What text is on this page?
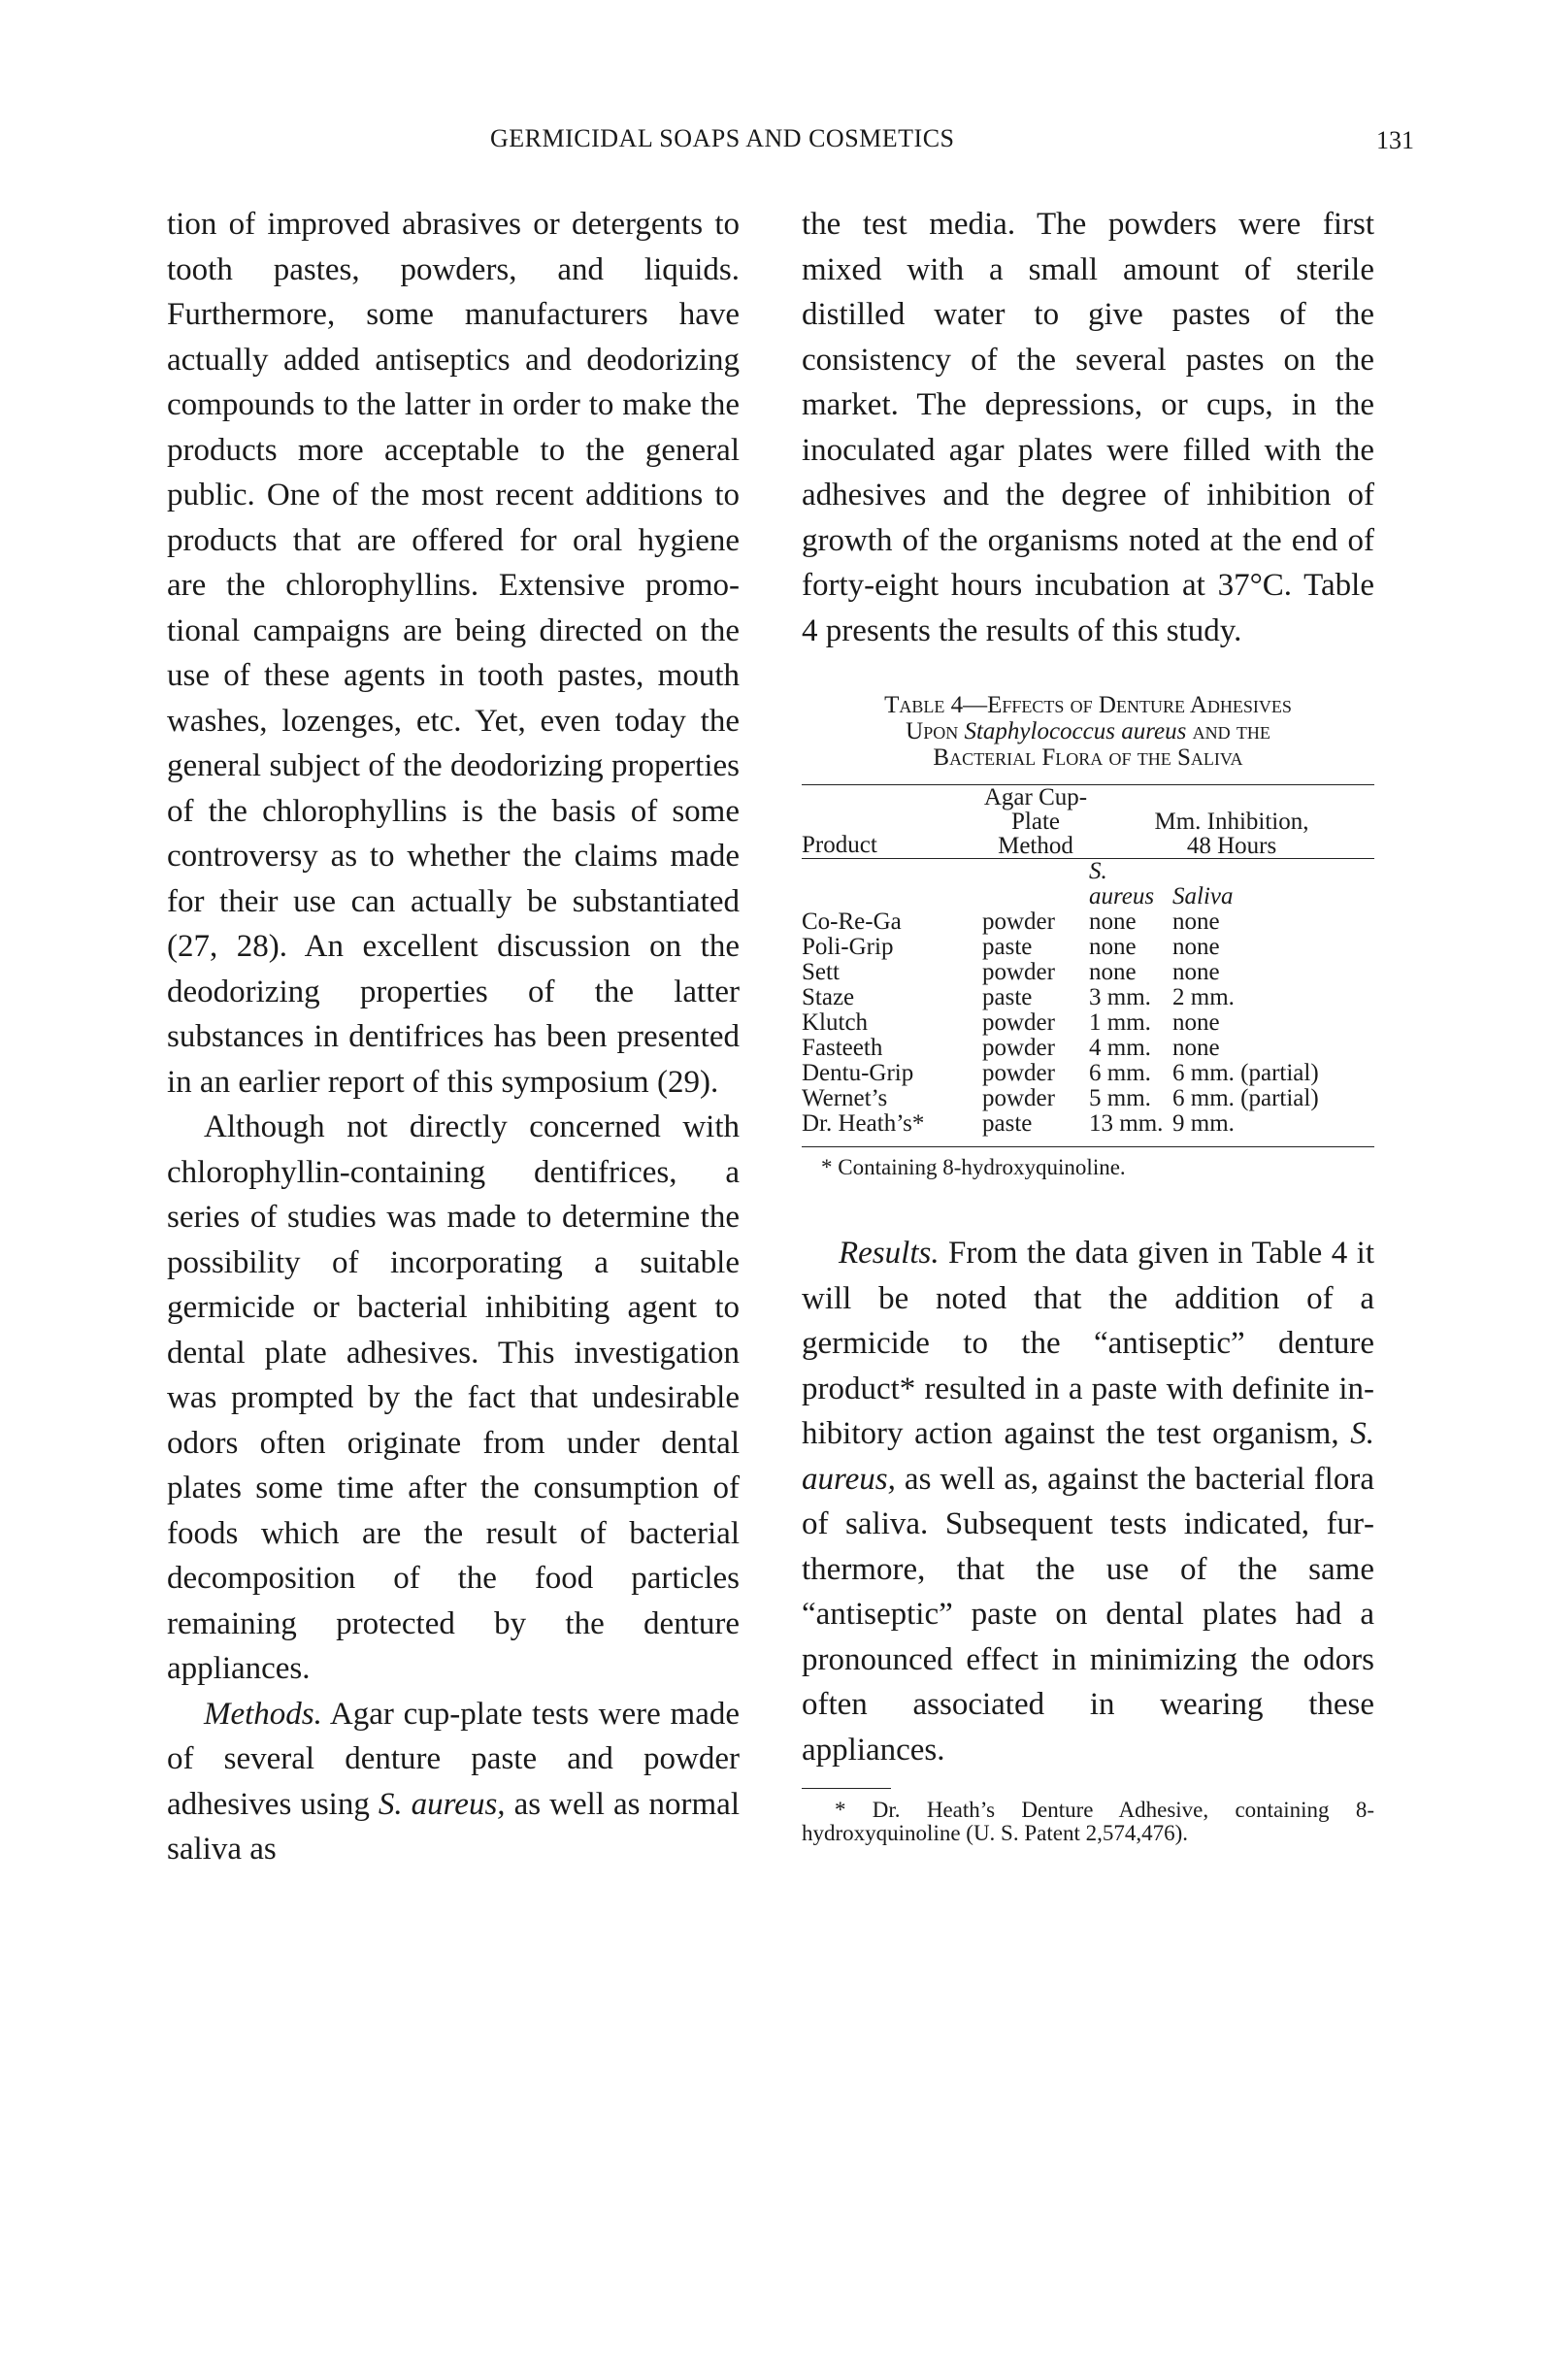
GERMICIDAL SOAPS AND COSMETICS	131

tion of improved abrasives or detergents to tooth pastes, powders, and liquids. Furthermore, some manufacturers have actually added antiseptics and deodorizing compounds to the latter in order to make the products more acceptable to the general public. One of the most recent additions to products that are offered for oral hygiene are the chlorophyllins. Extensive promotional campaigns are being directed on the use of these agents in tooth pastes, mouth washes, lozenges, etc. Yet, even today the general subject of the deodorizing properties of the chlorophyllins is the basis of some controversy as to whether the claims made for their use can actually be substantiated (27, 28). An excellent discussion on the deodorizing properties of the latter substances in dentifrices has been presented in an earlier report of this symposium (29).

Although not directly concerned with chlorophyllin-containing dentifrices, a series of studies was made to determine the possibility of incorporating a suitable germicide or bacterial inhibiting agent to dental plate adhesives. This investigation was prompted by the fact that undesirable odors often originate from under dental plates some time after the consumption of foods which are the result of bacterial decomposition of the food particles remaining protected by the denture appliances.

Methods. Agar cup-plate tests were made of several denture paste and powder adhesives using S. aureus, as well as normal saliva as

the test media. The powders were first mixed with a small amount of sterile distilled water to give pastes of the consistency of the several pastes on the market. The depressions, or cups, in the inoculated agar plates were filled with the adhesives and the degree of inhibition of growth of the organisms noted at the end of forty-eight hours incubation at 37°C. Table 4 presents the results of this study.

Table 4—Effects of Denture Adhesives
Upon Staphylococcus aureus and the
Bacterial Flora of the Saliva
Product	Agar Cup-Plate Method	Mm. Inhibition, 48 Hours	

		S. aureus	Saliva
Co-Re-Ga	powder	none	none
Poli-Grip	paste	none	none
Sett	powder	none	none
Staze	paste	3 mm.	2 mm.
Klutch	powder	1 mm.	none
Fasteeth	powder	4 mm.	none
Dentu-Grip	powder	6 mm.	6 mm. (partial)
Wernet’s	powder	5 mm.	6 mm. (partial)
Dr. Heath’s*	paste	13 mm.	9 mm.
* Containing 8-hydroxyquinoline.

Results. From the data given in Table 4 it will be noted that the addition of a germicide to the “antiseptic” denture product* resulted in a paste with definite inhibitory action against the test organism, S. aureus, as well as, against the bacterial flora of saliva. Subsequent tests indicated, furthermore, that the use of the same “antiseptic” paste on dental plates had a pronounced effect in minimizing the odors often associated in wearing these appliances.

* Dr. Heath’s Denture Adhesive, containing 8-hydroxyquinoline (U. S. Patent 2,574,476).
